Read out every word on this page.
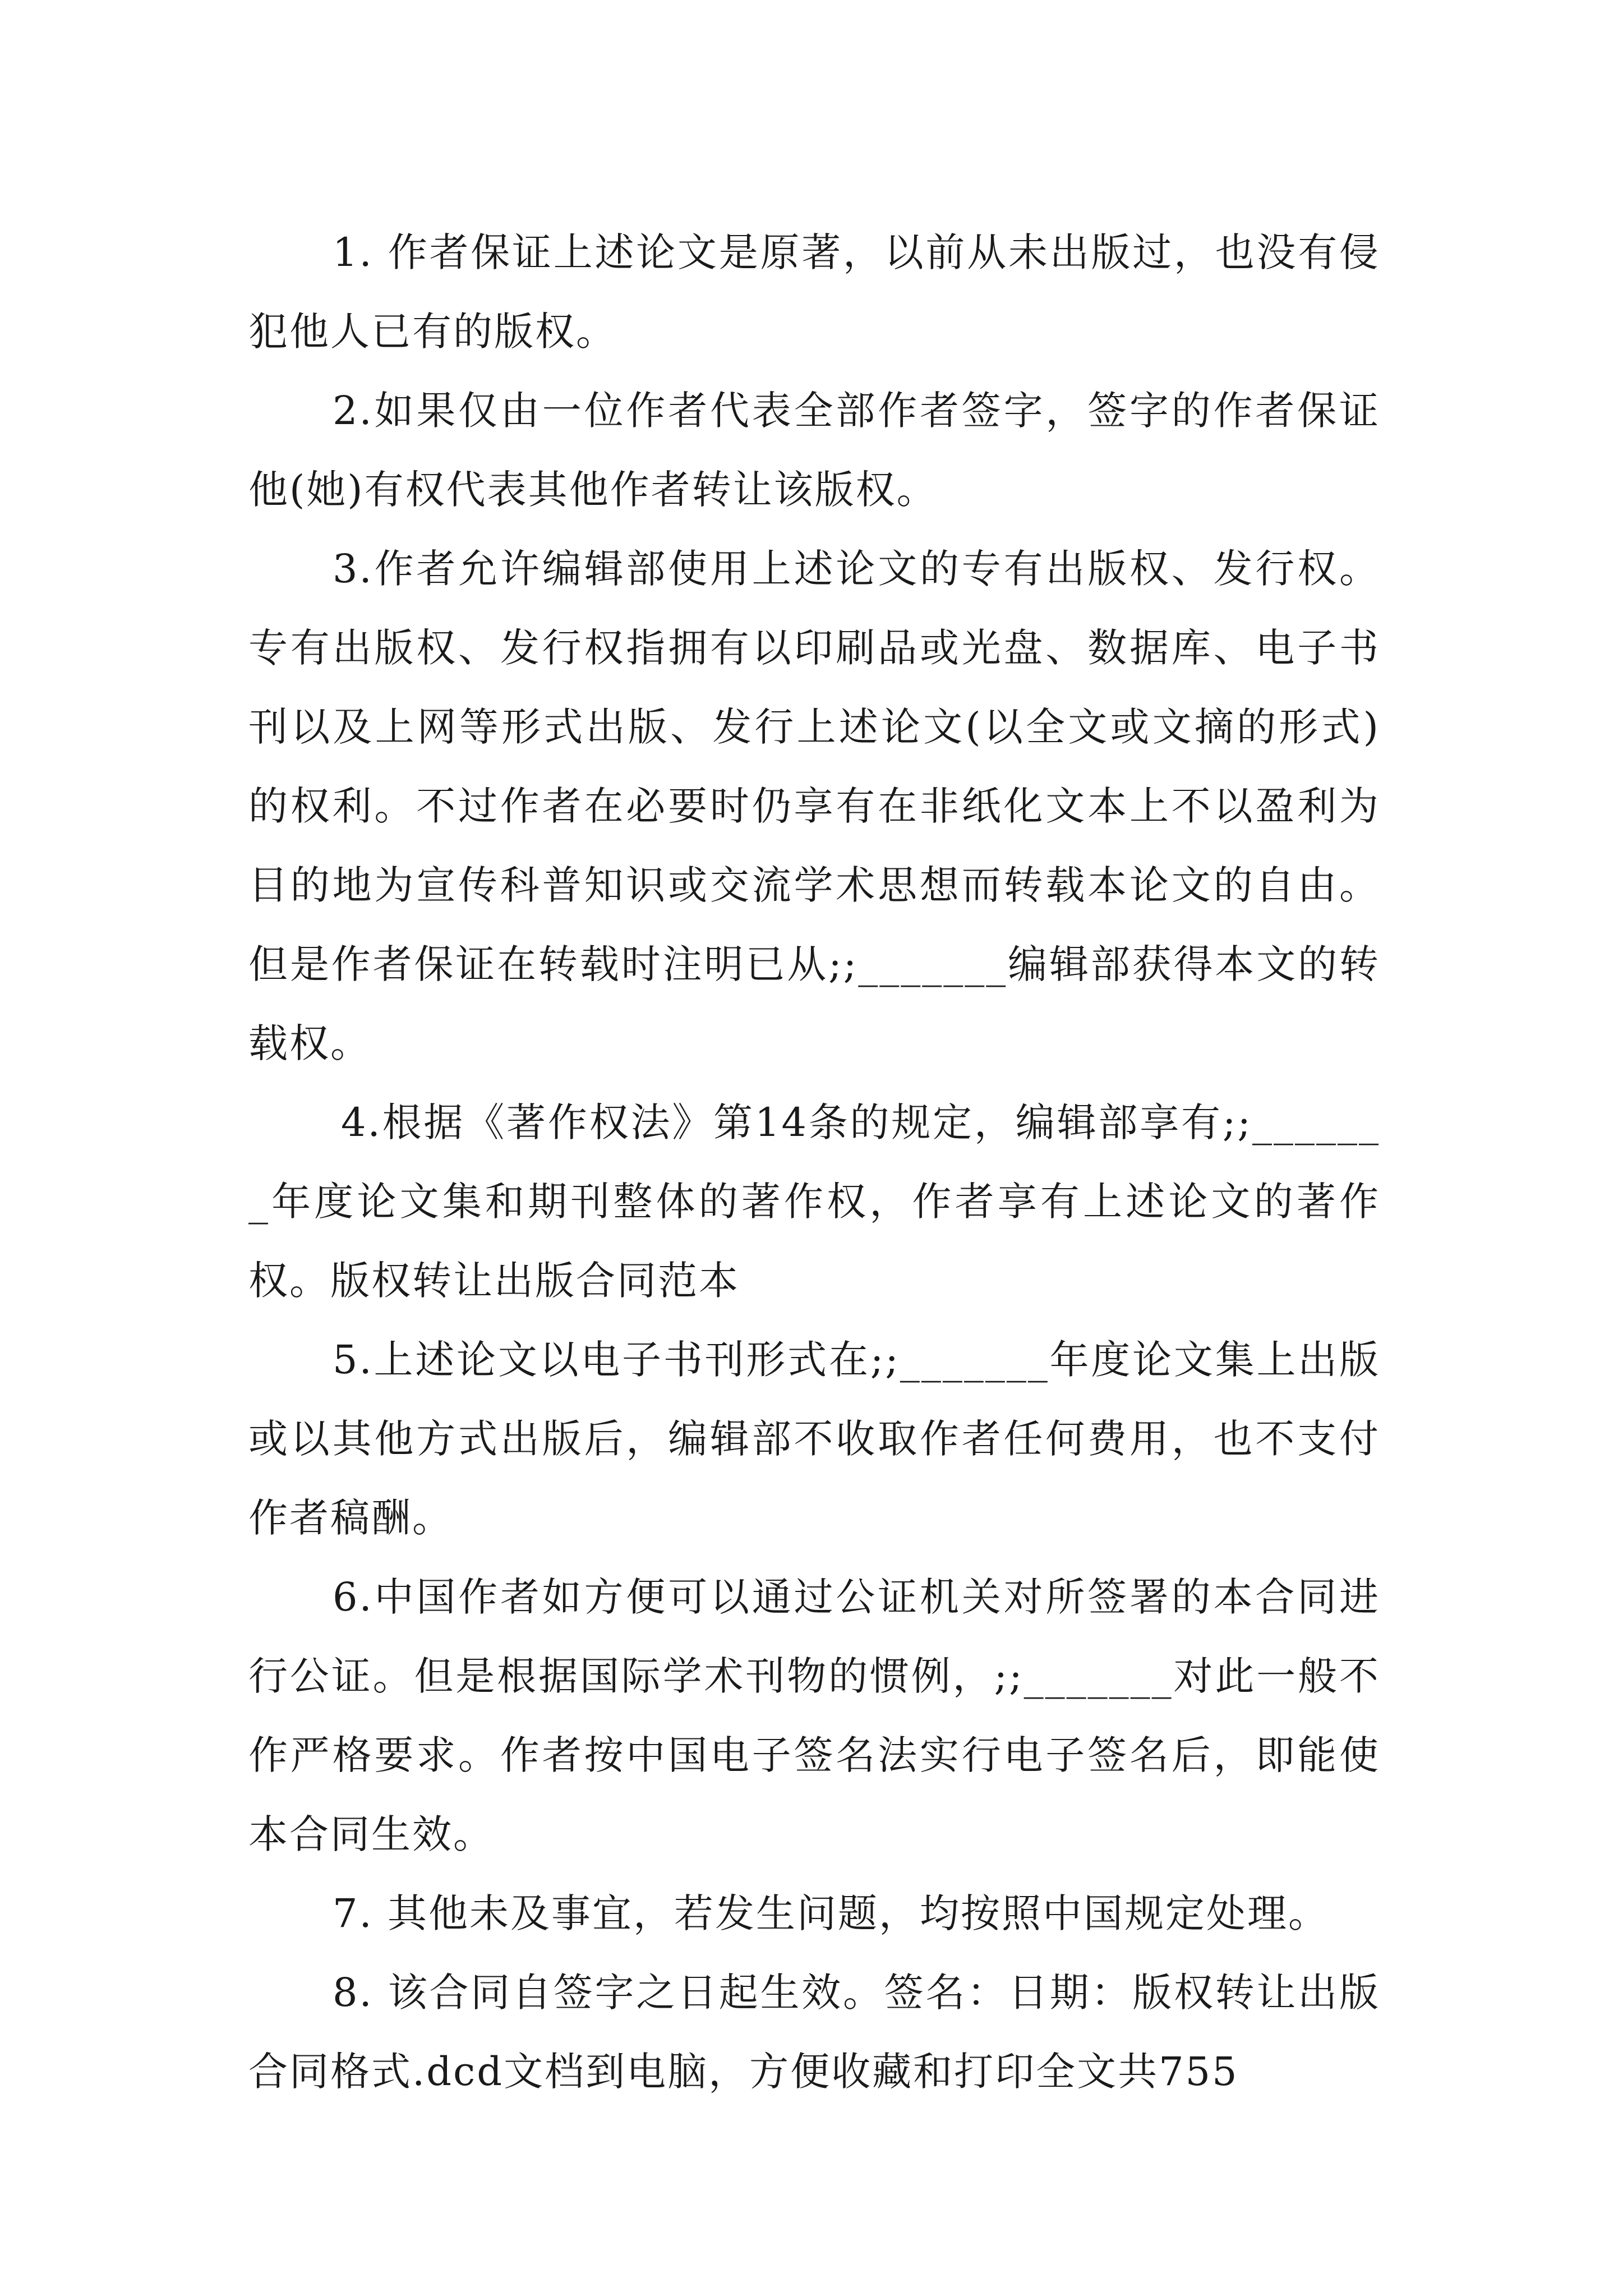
1. 作者保证上述论文是原著，以前从未出版过，也没有侵犯他人已有的版权。

2.如果仅由一位作者代表全部作者签字，签字的作者保证他(她)有权代表其他作者转让该版权。

3.作者允许编辑部使用上述论文的专有出版权、发行权。专有出版权、发行权指拥有以印刷品或光盘、数据库、电子书刊以及上网等形式出版、发行上述论文(以全文或文摘的形式)的权利。不过作者在必要时仍享有在非纸化文本上不以盈利为目的地为宣传科普知识或交流学术思想而转载本论文的自由。但是作者保证在转载时注明已从;;_______编辑部获得本文的转载权。

4.根据《著作权法》第14条的规定，编辑部享有;;_______年度论文集和期刊整体的著作权，作者享有上述论文的著作权。版权转让出版合同范本

5.上述论文以电子书刊形式在;;_______年度论文集上出版或以其他方式出版后，编辑部不收取作者任何费用，也不支付作者稿酬。

6.中国作者如方便可以通过公证机关对所签署的本合同进行公证。但是根据国际学术刊物的惯例，;;_______对此一般不作严格要求。作者按中国电子签名法实行电子签名后，即能使本合同生效。

7. 其他未及事宜，若发生问题，均按照中国规定处理。

8. 该合同自签字之日起生效。签名：日期：版权转让出版合同格式.dcd文档到电脑，方便收藏和打印全文共755
